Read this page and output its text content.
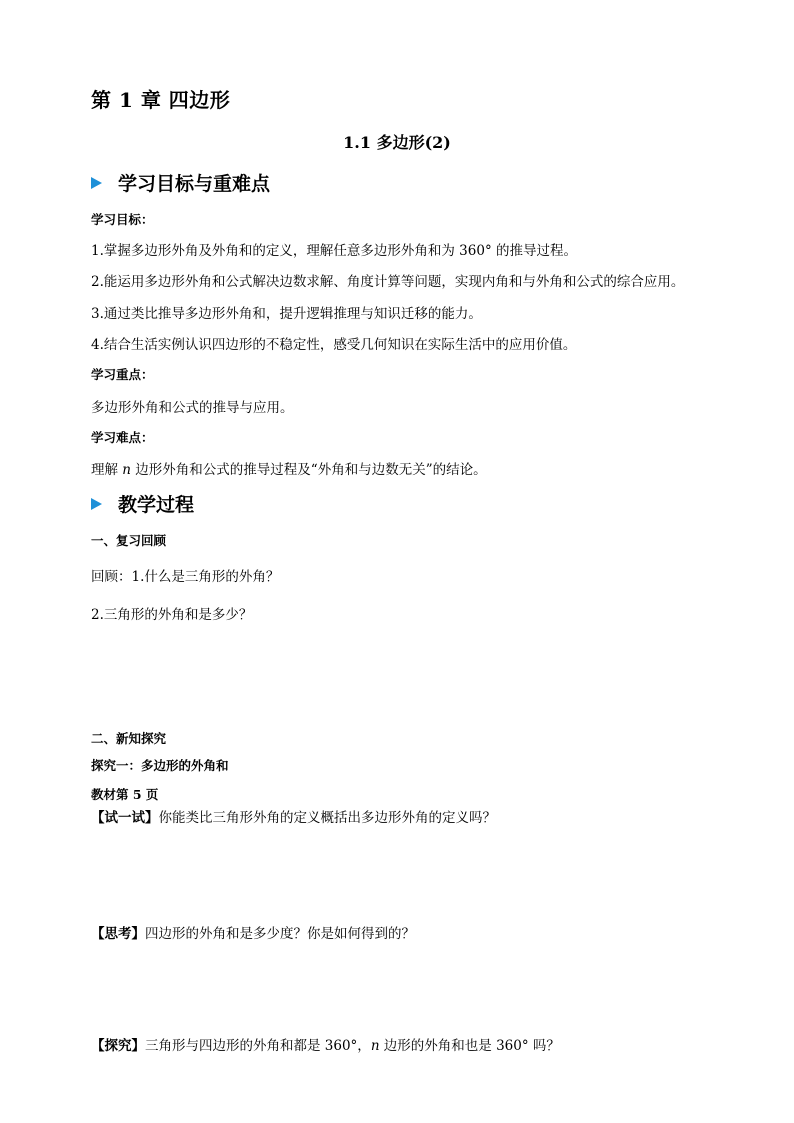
第 1 章 四边形
1.1 多边形(2)
学习目标与重难点
学习目标：
1.掌握多边形外角及外角和的定义，理解任意多边形外角和为 360° 的推导过程。
2.能运用多边形外角和公式解决边数求解、角度计算等问题，实现内角和与外角和公式的综合应用。
3.通过类比推导多边形外角和，提升逻辑推理与知识迁移的能力。
4.结合生活实例认识四边形的不稳定性，感受几何知识在实际生活中的应用价值。
学习重点：
多边形外角和公式的推导与应用。
学习难点：
理解 n 边形外角和公式的推导过程及“外角和与边数无关”的结论。
教学过程
一、复习回顾
回顾：1.什么是三角形的外角？
2.三角形的外角和是多少？
二、新知探究
探究一：多边形的外角和
教材第 5 页
【试一试】你能类比三角形外角的定义概括出多边形外角的定义吗？
【思考】四边形的外角和是多少度？你是如何得到的？
【探究】三角形与四边形的外角和都是 360°，n 边形的外角和也是 360° 吗？
